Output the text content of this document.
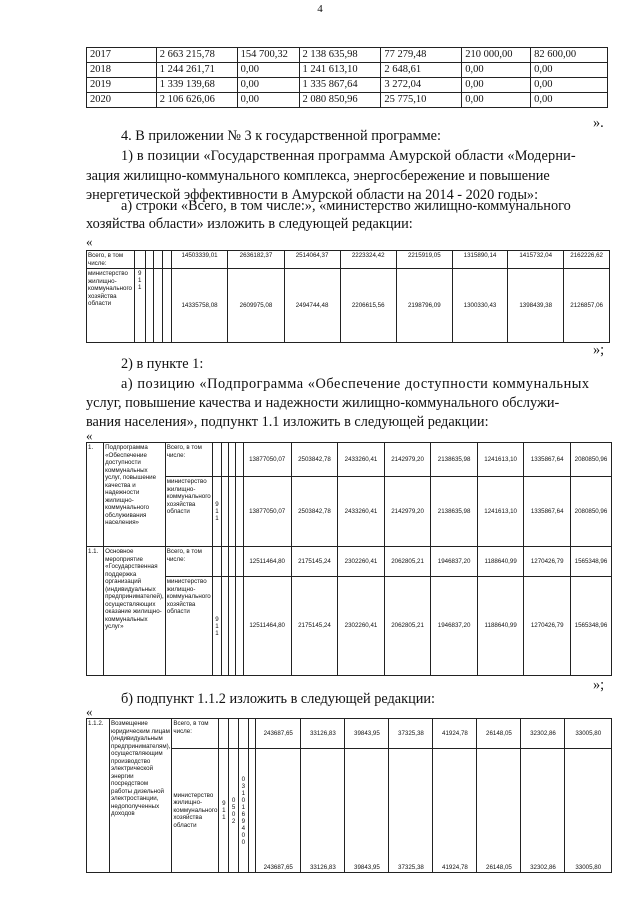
4
2017	2 663 215,78	154 700,32	2 138 635,98	77 279,48	210 000,00	82 600,00
2018	1 244 261,71	0,00	1 241 613,10	2 648,61	0,00	0,00
2019	1 339 139,68	0,00	1 335 867,64	3 272,04	0,00	0,00
2020	2 106 626,06	0,00	2 080 850,96	25 775,10	0,00	0,00
».
4. В приложении № 3 к государственной программе:
1) в позиции «Государственная программа Амурской области «Модерни-
зация жилищно-коммунального комплекса, энергосбережение и повышение
энергетической эффективности в Амурской области на 2014 - 2020 годы»:
а) строки «Всего, в том числе:», «министерство жилищно-коммунального
хозяйства области» изложить в следующей редакции:
«
Всего, в том числе:					14503339,01	2636182,37	2514064,37	2223324,42	2215919,05	1315890,14	1415732,04	2162226,62
министерство жилищно-коммунального хозяйства области	9 1 1				14335758,08	2609975,08	2494744,48	2206615,56	2198796,09	1300330,43	1398439,38	2126857,06
»;
2) в пункте 1:
а) позицию «Подпрограмма «Обеспечение доступности коммунальных
услуг, повышение качества и надежности жилищно-коммунального обслужи-
вания населения», подпункт 1.1 изложить в следующей редакции:
«
1.	Подпрограмма «Обеспечение доступности коммунальных услуг, повышение качества и надежности жилищно-коммунального обслуживания населения»	Всего, в том числе:					13877050,07	2503842,78	2433260,41	2142979,20	2138635,98	1241613,10	1335867,64	2080850,96
		министерство жилищно-коммунального хозяйства области	9 1 1				13877050,07	2503842,78	2433260,41	2142979,20	2138635,98	1241613,10	1335867,64	2080850,96
1.1.	Основное мероприятие «Государственная поддержка организаций (индивидуальных предпринимателей), осуществляющих оказание жилищно-коммунальных услуг»	Всего, в том числе:					12511464,80	2175145,24	2302260,41	2062805,21	1946837,20	1188640,99	1270426,79	1565348,96
		министерство жилищно-коммунального хозяйства области	9 1 1				12511464,80	2175145,24	2302260,41	2062805,21	1946837,20	1188640,99	1270426,79	1565348,96
»;
б) подпункт 1.1.2 изложить в следующей редакции:
«
1.1.2.	Возмещение юридическим лицам (индивидуальным предпринимателям), осуществляющим производство электрической энергии посредством работы дизельной электростанции, недополученных доходов	Всего, в том числе:					243687,65	33126,83	39843,95	37325,38	41924,78	26148,05	32302,86	33005,80
		министерство жилищно-коммунального хозяйства области	9 1 1	0 5 0 2	0 3 1 0 1 6 9 4 0 0		243687,65	33126,83	39843,95	37325,38	41924,78	26148,05	32302,86	33005,80
